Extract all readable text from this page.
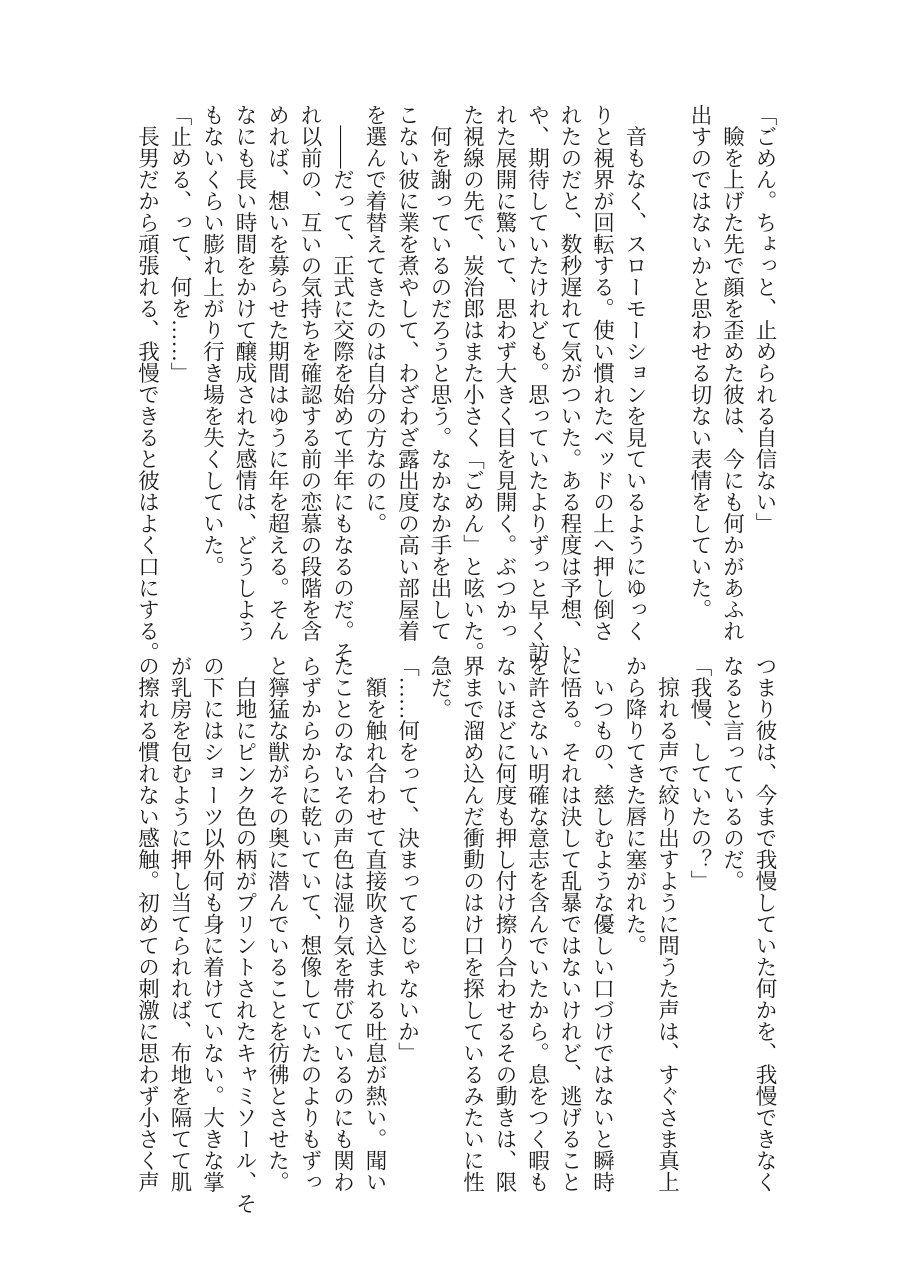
「ごめん。ちょっと、止められる自信ない」

　瞼を上げた先で顔を歪めた彼は、今にも何かがあふれ

出すのではないかと思わせる切ない表情をしていた。

　音もなく、スローモーションを見ているようにゆっく

りと視界が回転する。使い慣れたベッドの上へ押し倒さ

れたのだと、数秒遅れて気がついた。ある程度は予想、い

や、期待していたけれども。思っていたよりずっと早く訪

れた展開に驚いて、思わず大きく目を見開く。ぶつかっ

た視線の先で、炭治郎はまた小さく「ごめん」と呟いた。

　何を謝っているのだろうと思う。なかなか手を出して

こない彼に業を煮やして、わざわざ露出度の高い部屋着

を選んで着替えてきたのは自分の方なのに。

　——だって、正式に交際を始めて半年にもなるのだ。そ

れ以前の、互いの気持ちを確認する前の恋慕の段階を含

めれば、想いを募らせた期間はゆうに年を超える。そん

なにも長い時間をかけて醸成された感情は、どうしよう

もないくらい膨れ上がり行き場を失くしていた。

「止める、って、何を……」

　長男だから頑張れる、我慢できると彼はよく口にする。

つまり彼は、今まで我慢していた何かを、我慢できなく

なると言っているのだ。

「我慢、していたの？」

　掠れる声で絞り出すように問うた声は、すぐさま真上

から降りてきた唇に塞がれた。

　いつもの、慈しむような優しい口づけではないと瞬時

に悟る。それは決して乱暴ではないけれど、逃げること

を許さない明確な意志を含んでいたから。息をつく暇も

ないほどに何度も押し付け擦り合わせるその動きは、限

界まで溜め込んだ衝動のはけ口を探しているみたいに性

急だ。

「……何をって、決まってるじゃないか」

　額を触れ合わせて直接吹き込まれる吐息が熱い。聞い

たことのないその声色は湿り気を帯びているのにも関わ

らずからからに乾いていて、想像していたのよりもずっ

と獰猛な獣がその奥に潜んでいることを彷彿とさせた。

　白地にピンク色の柄がプリントされたキャミソール、そ

の下にはショーツ以外何も身に着けていない。大きな掌

が乳房を包むように押し当てられれば、布地を隔てて肌

の擦れる慣れない感触。初めての刺激に思わず小さく声
